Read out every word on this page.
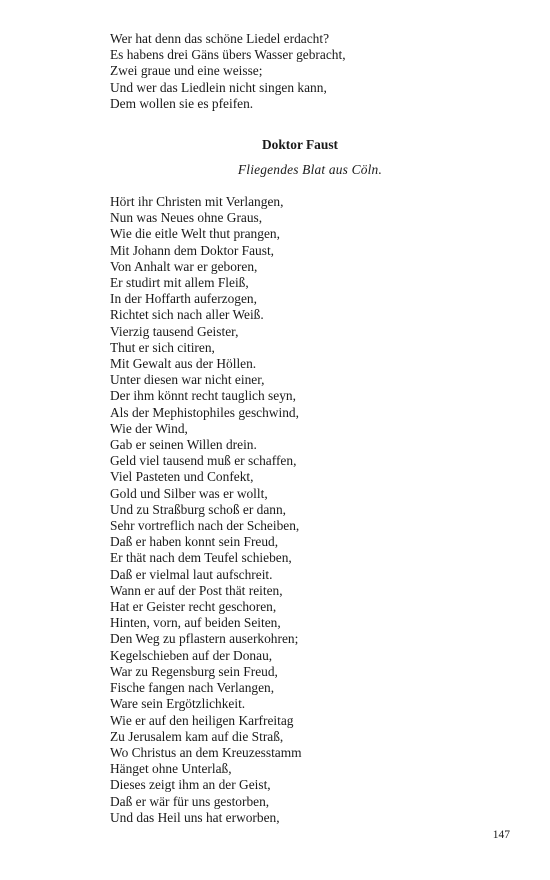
Wer hat denn das schöne Liedel erdacht?
Es habens drei Gäns übers Wasser gebracht,
Zwei graue und eine weisse;
Und wer das Liedlein nicht singen kann,
Dem wollen sie es pfeifen.
Doktor Faust

Fliegendes Blat aus Cöln.

Hört ihr Christen mit Verlangen,
Nun was Neues ohne Graus,
Wie die eitle Welt thut prangen,
Mit Johann dem Doktor Faust,
Von Anhalt war er geboren,
Er studirt mit allem Fleiß,
In der Hoffarth auferzogen,
Richtet sich nach aller Weiß.
Vierzig tausend Geister,
Thut er sich citiren,
Mit Gewalt aus der Höllen.
Unter diesen war nicht einer,
Der ihm könnt recht tauglich seyn,
Als der Mephistophiles geschwind,
Wie der Wind,
Gab er seinen Willen drein.
Geld viel tausend muß er schaffen,
Viel Pasteten und Confekt,
Gold und Silber was er wollt,
Und zu Straßburg schoß er dann,
Sehr vortreflich nach der Scheiben,
Daß er haben konnt sein Freud,
Er thät nach dem Teufel schieben,
Daß er vielmal laut aufschreit.
Wann er auf der Post thät reiten,
Hat er Geister recht geschoren,
Hinten, vorn, auf beiden Seiten,
Den Weg zu pflastern auserkohren;
Kegelschieben auf der Donau,
War zu Regensburg sein Freud,
Fische fangen nach Verlangen,
Ware sein Ergötzlichkeit.
Wie er auf den heiligen Karfreitag
Zu Jerusalem kam auf die Straß,
Wo Christus an dem Kreuzesstamm
Hänget ohne Unterlaß,
Dieses zeigt ihm an der Geist,
Daß er wär für uns gestorben,
Und das Heil uns hat erworben,

147
